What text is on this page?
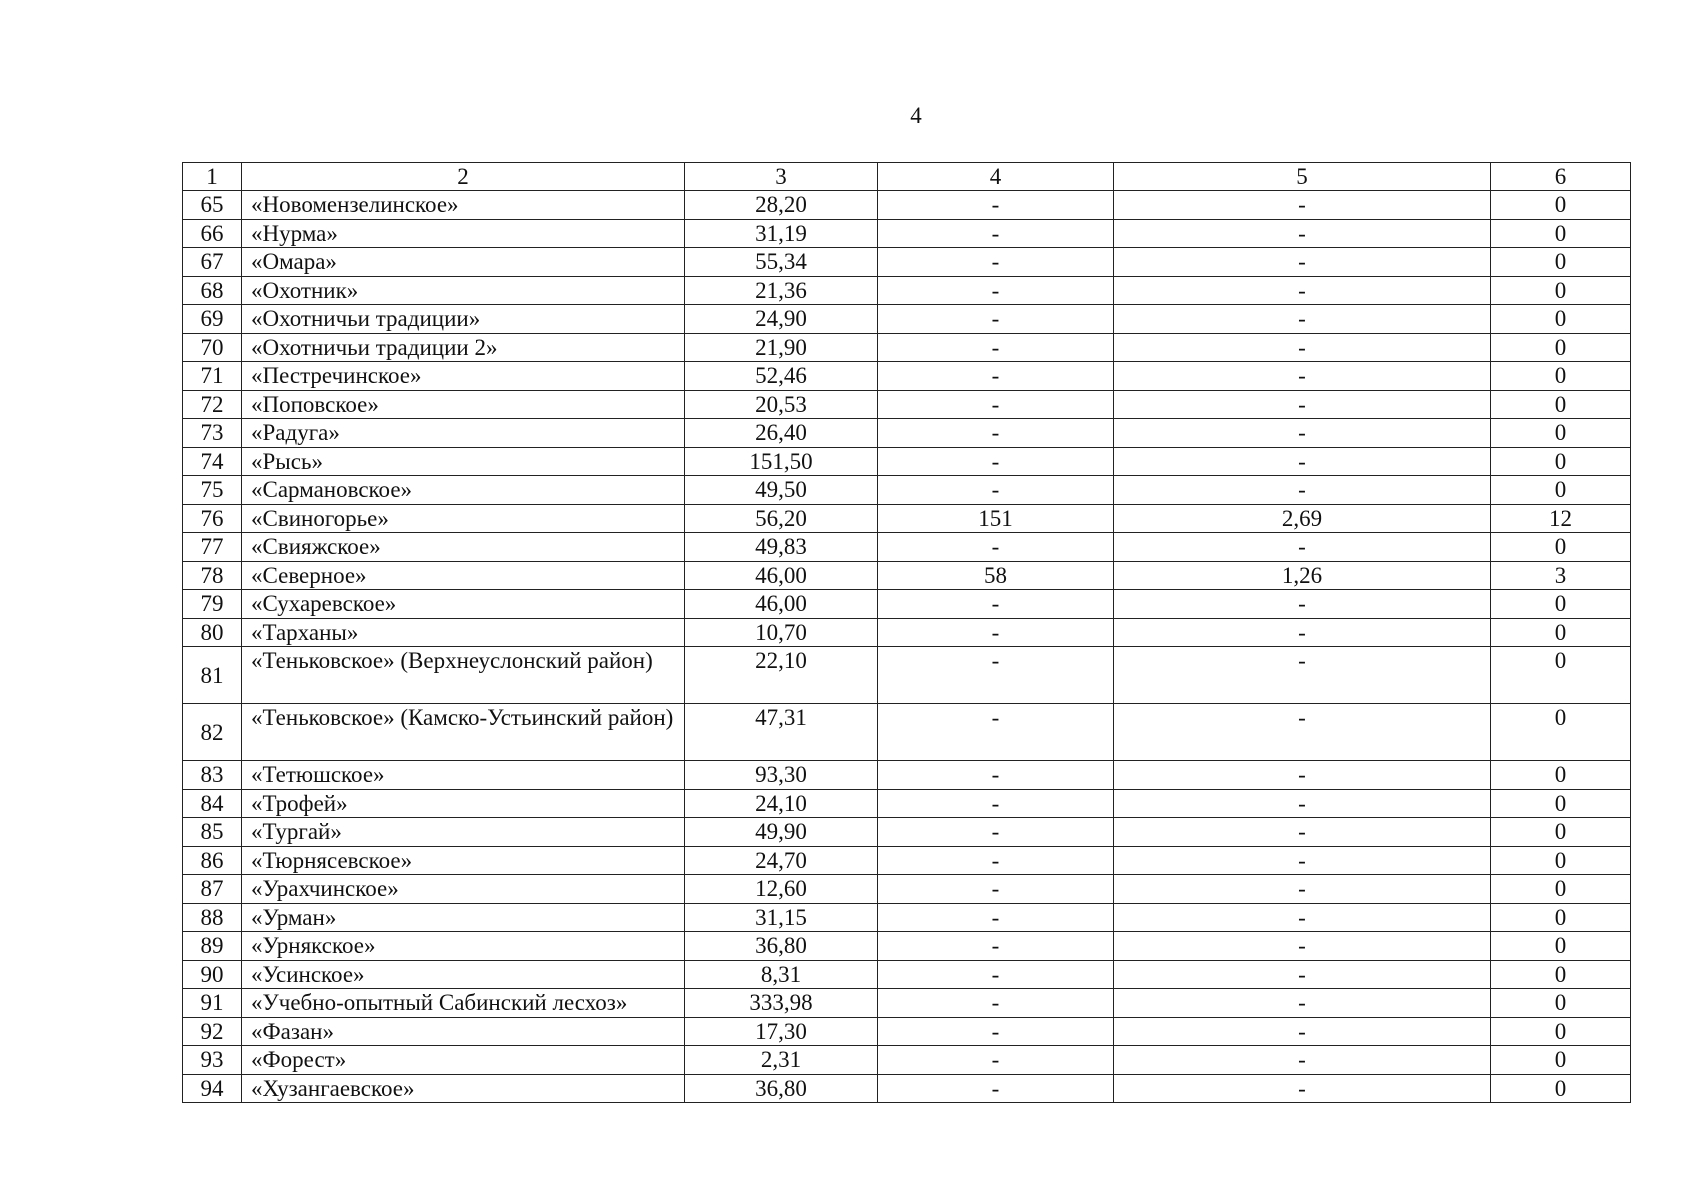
4
1	2	3	4	5	6
65	«Новомензелинское»	28,20	-	-	0
66	«Нурма»	31,19	-	-	0
67	«Омара»	55,34	-	-	0
68	«Охотник»	21,36	-	-	0
69	«Охотничьи традиции»	24,90	-	-	0
70	«Охотничьи традиции 2»	21,90	-	-	0
71	«Пестречинское»	52,46	-	-	0
72	«Поповское»	20,53	-	-	0
73	«Радуга»	26,40	-	-	0
74	«Рысь»	151,50	-	-	0
75	«Сармановское»	49,50	-	-	0
76	«Свиногорье»	56,20	151	2,69	12
77	«Свияжское»	49,83	-	-	0
78	«Северное»	46,00	58	1,26	3
79	«Сухаревское»	46,00	-	-	0
80	«Тарханы»	10,70	-	-	0
81	«Теньковское» (Верхнеуслонский район)	22,10	-	-	0
82	«Теньковское» (Камско-Устьинский район)	47,31	-	-	0
83	«Тетюшское»	93,30	-	-	0
84	«Трофей»	24,10	-	-	0
85	«Тургай»	49,90	-	-	0
86	«Тюрнясевское»	24,70	-	-	0
87	«Урахчинское»	12,60	-	-	0
88	«Урман»	31,15	-	-	0
89	«Урнякское»	36,80	-	-	0
90	«Усинское»	8,31	-	-	0
91	«Учебно-опытный Сабинский лесхоз»	333,98	-	-	0
92	«Фазан»	17,30	-	-	0
93	«Форест»	2,31	-	-	0
94	«Хузангаевское»	36,80	-	-	0
